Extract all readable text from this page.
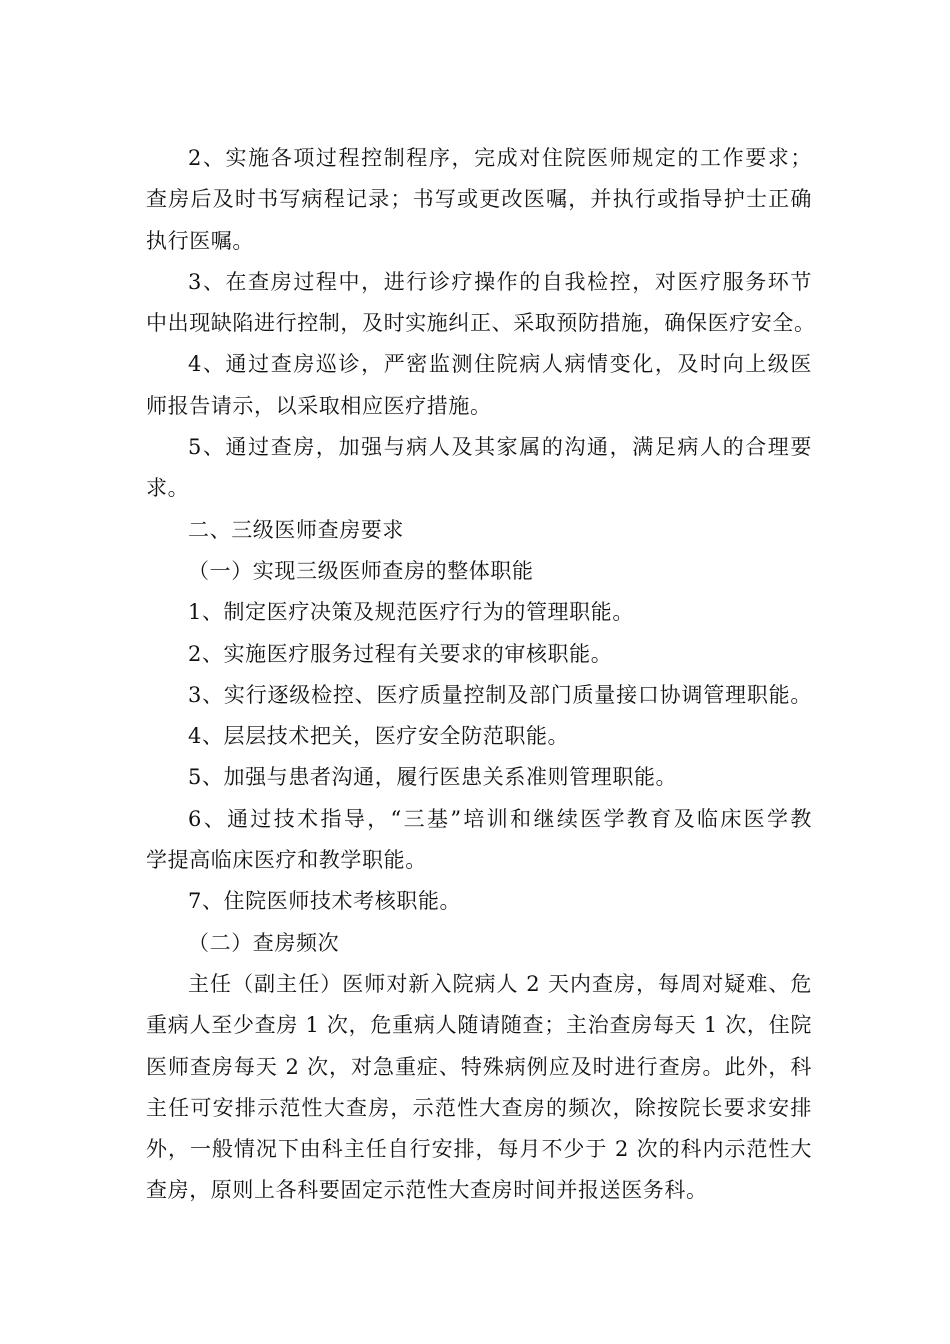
2、实施各项过程控制程序，完成对住院医师规定的工作要求；
查房后及时书写病程记录；书写或更改医嘱，并执行或指导护士正确
执行医嘱。
3、在查房过程中，进行诊疗操作的自我检控，对医疗服务环节
中出现缺陷进行控制，及时实施纠正、采取预防措施，确保医疗安全。
4、通过查房巡诊，严密监测住院病人病情变化，及时向上级医
师报告请示，以采取相应医疗措施。
5、通过查房，加强与病人及其家属的沟通，满足病人的合理要
求。
二、三级医师查房要求
（一）实现三级医师查房的整体职能
1、制定医疗决策及规范医疗行为的管理职能。
2、实施医疗服务过程有关要求的审核职能。
3、实行逐级检控、医疗质量控制及部门质量接口协调管理职能。
4、层层技术把关，医疗安全防范职能。
5、加强与患者沟通，履行医患关系准则管理职能。
6、通过技术指导，“三基”培训和继续医学教育及临床医学教
学提高临床医疗和教学职能。
7、住院医师技术考核职能。
（二）查房频次
主任（副主任）医师对新入院病人 2 天内查房，每周对疑难、危
重病人至少查房 1 次，危重病人随请随查；主治查房每天 1 次，住院
医师查房每天 2 次，对急重症、特殊病例应及时进行查房。此外，科
主任可安排示范性大查房，示范性大查房的频次，除按院长要求安排
外，一般情况下由科主任自行安排，每月不少于 2 次的科内示范性大
查房，原则上各科要固定示范性大查房时间并报送医务科。
